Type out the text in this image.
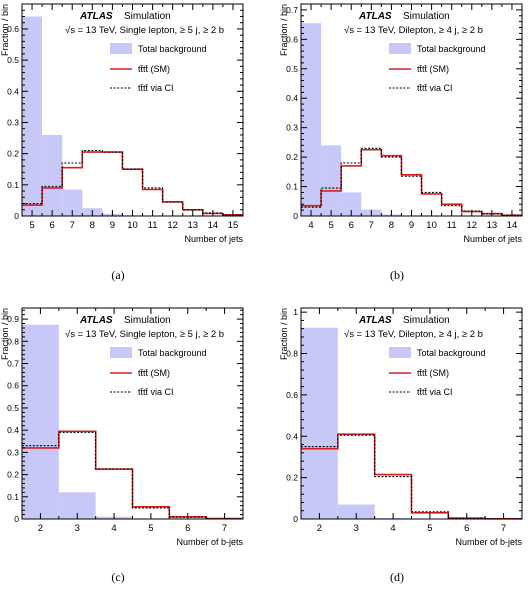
5 6 7 8 9 10 11 12 13 14 15
0
0.1
0.2
0.3
0.4
0.5
0.6
Number of jets
Fraction / bin	ATLAS Simulation
√s = 13 TeV, Single lepton, ≥ 5 j, ≥ 2 b
Total background
tt̄tt̄ (SM)
tt̄tt̄ via CI
4 5 6 7 8 9 10 11 12 13 14
0
0.1
0.2
0.3
0.4
0.5
0.6
0.7
Number of jets
Fraction / bin	ATLAS Simulation
√s = 13 TeV, Dilepton, ≥ 4 j, ≥ 2 b
Total background
tt̄tt̄ (SM)
tt̄tt̄ via CI
2	3	4	5	6	7
0
0.1
0.2
0.3
0.4
0.5
0.6
0.7
0.8
0.9
Number of b-jets
Fraction / bin	ATLAS Simulation
√s = 13 TeV, Single lepton, ≥ 5 j, ≥ 2 b
Total background
tt̄tt̄ (SM)
tt̄tt̄ via CI
2	3	4	5	6	7
0
0.2
0.4
0.6
0.8
1
Number of b-jets
Fraction / bin	ATLAS Simulation
√s = 13 TeV, Dilepton, ≥ 4 j, ≥ 2 b
Total background
tt̄tt̄ (SM)
tt̄tt̄ via CI
(a)	(b)
(c)	(d)
